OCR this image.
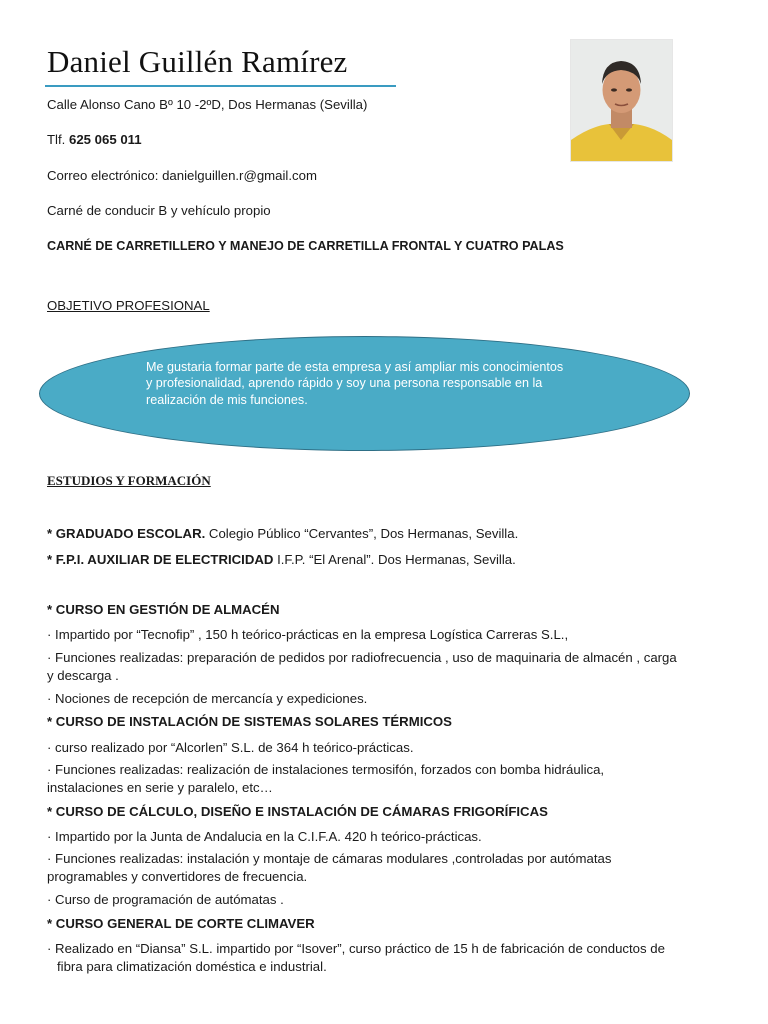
Daniel Guillén Ramírez
Calle Alonso Cano Bº 10 -2ºD, Dos Hermanas (Sevilla)
Tlf. 625 065 011
Correo electrónico: danielguillen.r@gmail.com
Carné de conducir B y vehículo propio
CARNÉ DE CARRETILLERO Y MANEJO DE CARRETILLA FRONTAL Y CUATRO PALAS
OBJETIVO PROFESIONAL
Me gustaria formar parte de esta empresa y así ampliar mis conocimientos
y profesionalidad, aprendo rápido y soy una persona responsable en la
realización de mis funciones.
ESTUDIOS Y FORMACIÓN
* GRADUADO ESCOLAR. Colegio Público “Cervantes”, Dos Hermanas, Sevilla.
* F.P.I. AUXILIAR DE ELECTRICIDAD I.F.P. “El Arenal”. Dos Hermanas, Sevilla.
* CURSO EN GESTIÓN DE ALMACÉN
· Impartido por “Tecnofip” , 150 h teórico-prácticas en la empresa Logística Carreras S.L.,
· Funciones realizadas: preparación de pedidos por radiofrecuencia , uso de maquinaria de almacén , carga
y descarga .
· Nociones de recepción de mercancía y expediciones.
* CURSO DE INSTALACIÓN DE SISTEMAS SOLARES TÉRMICOS
· curso realizado por “Alcorlen” S.L. de 364 h teórico-prácticas.
· Funciones realizadas: realización de instalaciones termosifón, forzados con bomba hidráulica,
instalaciones en serie y paralelo, etc…
* CURSO DE CÁLCULO, DISEÑO E INSTALACIÓN DE CÁMARAS FRIGORÍFICAS
· Impartido por la Junta de Andalucia en la C.I.F.A. 420 h teórico-prácticas.
· Funciones realizadas: instalación y montaje de cámaras modulares ,controladas por autómatas
programables y convertidores de frecuencia.
· Curso de programación de autómatas .
* CURSO GENERAL DE CORTE CLIMAVER
· Realizado en “Diansa” S.L. impartido por “Isover”, curso práctico de 15 h de fabricación de conductos de
fibra para climatización doméstica e industrial.
